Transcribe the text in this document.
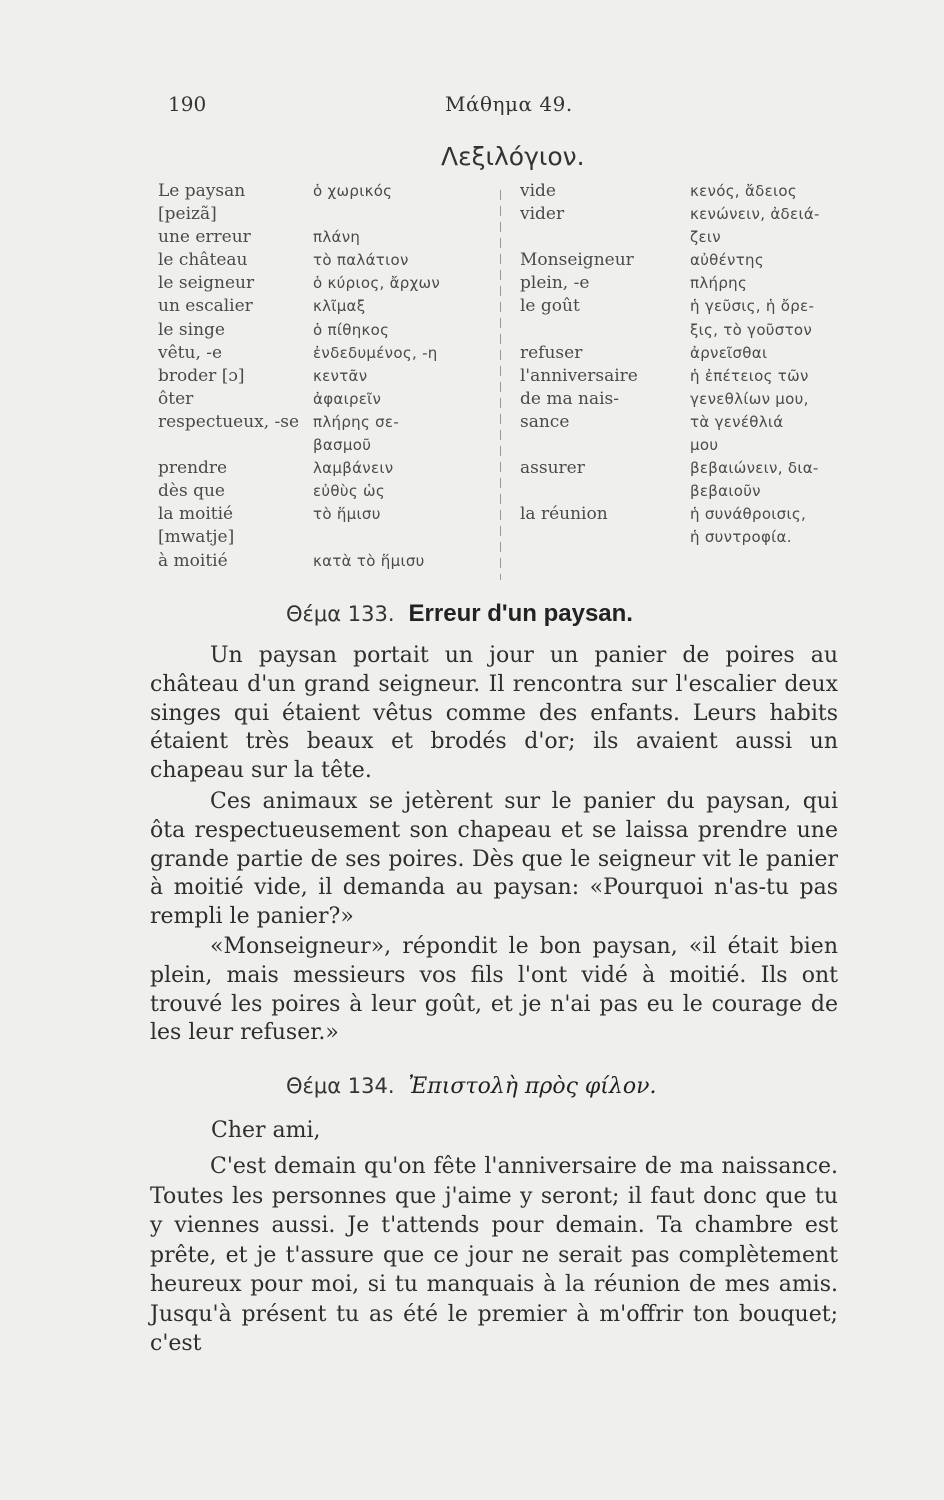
190	Μάθημα 49.
Λεξιλόγιον.
Le paysan
[peizã]
une erreur
le château
le seigneur
un escalier
le singe
vêtu, -e
broder [ɔ]
ôter
respectueux, -se
prendre
dès que
la moitié
[mwatje]
à moitié
ὁ χωρικός
πλάνη
τὸ παλάτιον
ὁ κύριος, ἄρχων
κλῖμαξ
ὁ πίθηκος
ἐνδεδυμένος, -η
κεντᾶν
ἀφαιρεῖν
πλήρης σε-
βασμοῦ
λαμβάνειν
εὐθὺς ὡς
τὸ ἥμισυ
κατὰ τὸ ἥμισυ
vide
vider
Monseigneur
plein, -e
le goût
refuser
l'anniversaire
de ma nais-
sance
assurer
la réunion
κενός, ἄδειος
κενώνειν, ἀδειά-
ζειν
αὐθέντης
πλήρης
ἡ γεῦσις, ἡ ὄρε-
ξις, τὸ γοῦστον
ἀρνεῖσθαι
ἡ ἐπέτειος τῶν
γενεθλίων μου,
τὰ γενέθλιά
μου
βεβαιώνειν, δια-
βεβαιοῦν
ἡ συνάθροισις,
ἡ συντροφία.
Θέμα 133. Erreur d'un paysan.

Un paysan portait un jour un panier de poires au château d'un grand seigneur. Il rencontra sur l'escalier deux singes qui étaient vêtus comme des enfants. Leurs habits étaient très beaux et brodés d'or; ils avaient aussi un chapeau sur la tête.

Ces animaux se jetèrent sur le panier du paysan, qui ôta respectueusement son chapeau et se laissa prendre une grande partie de ses poires. Dès que le seigneur vit le panier à moitié vide, il demanda au paysan: «Pourquoi n'as-tu pas rempli le panier?»

«Monseigneur», répondit le bon paysan, «il était bien plein, mais messieurs vos fils l'ont vidé à moitié. Ils ont trouvé les poires à leur goût, et je n'ai pas eu le courage de les leur refuser.»

Θέμα 134. Ἐπιστολὴ πρὸς φίλον.
Cher ami,

C'est demain qu'on fête l'anniversaire de ma naissance. Toutes les personnes que j'aime y seront; il faut donc que tu y viennes aussi. Je t'attends pour demain. Ta chambre est prête, et je t'assure que ce jour ne serait pas complètement heureux pour moi, si tu manquais à la réunion de mes amis. Jusqu'à présent tu as été le premier à m'offrir ton bouquet; c'est
